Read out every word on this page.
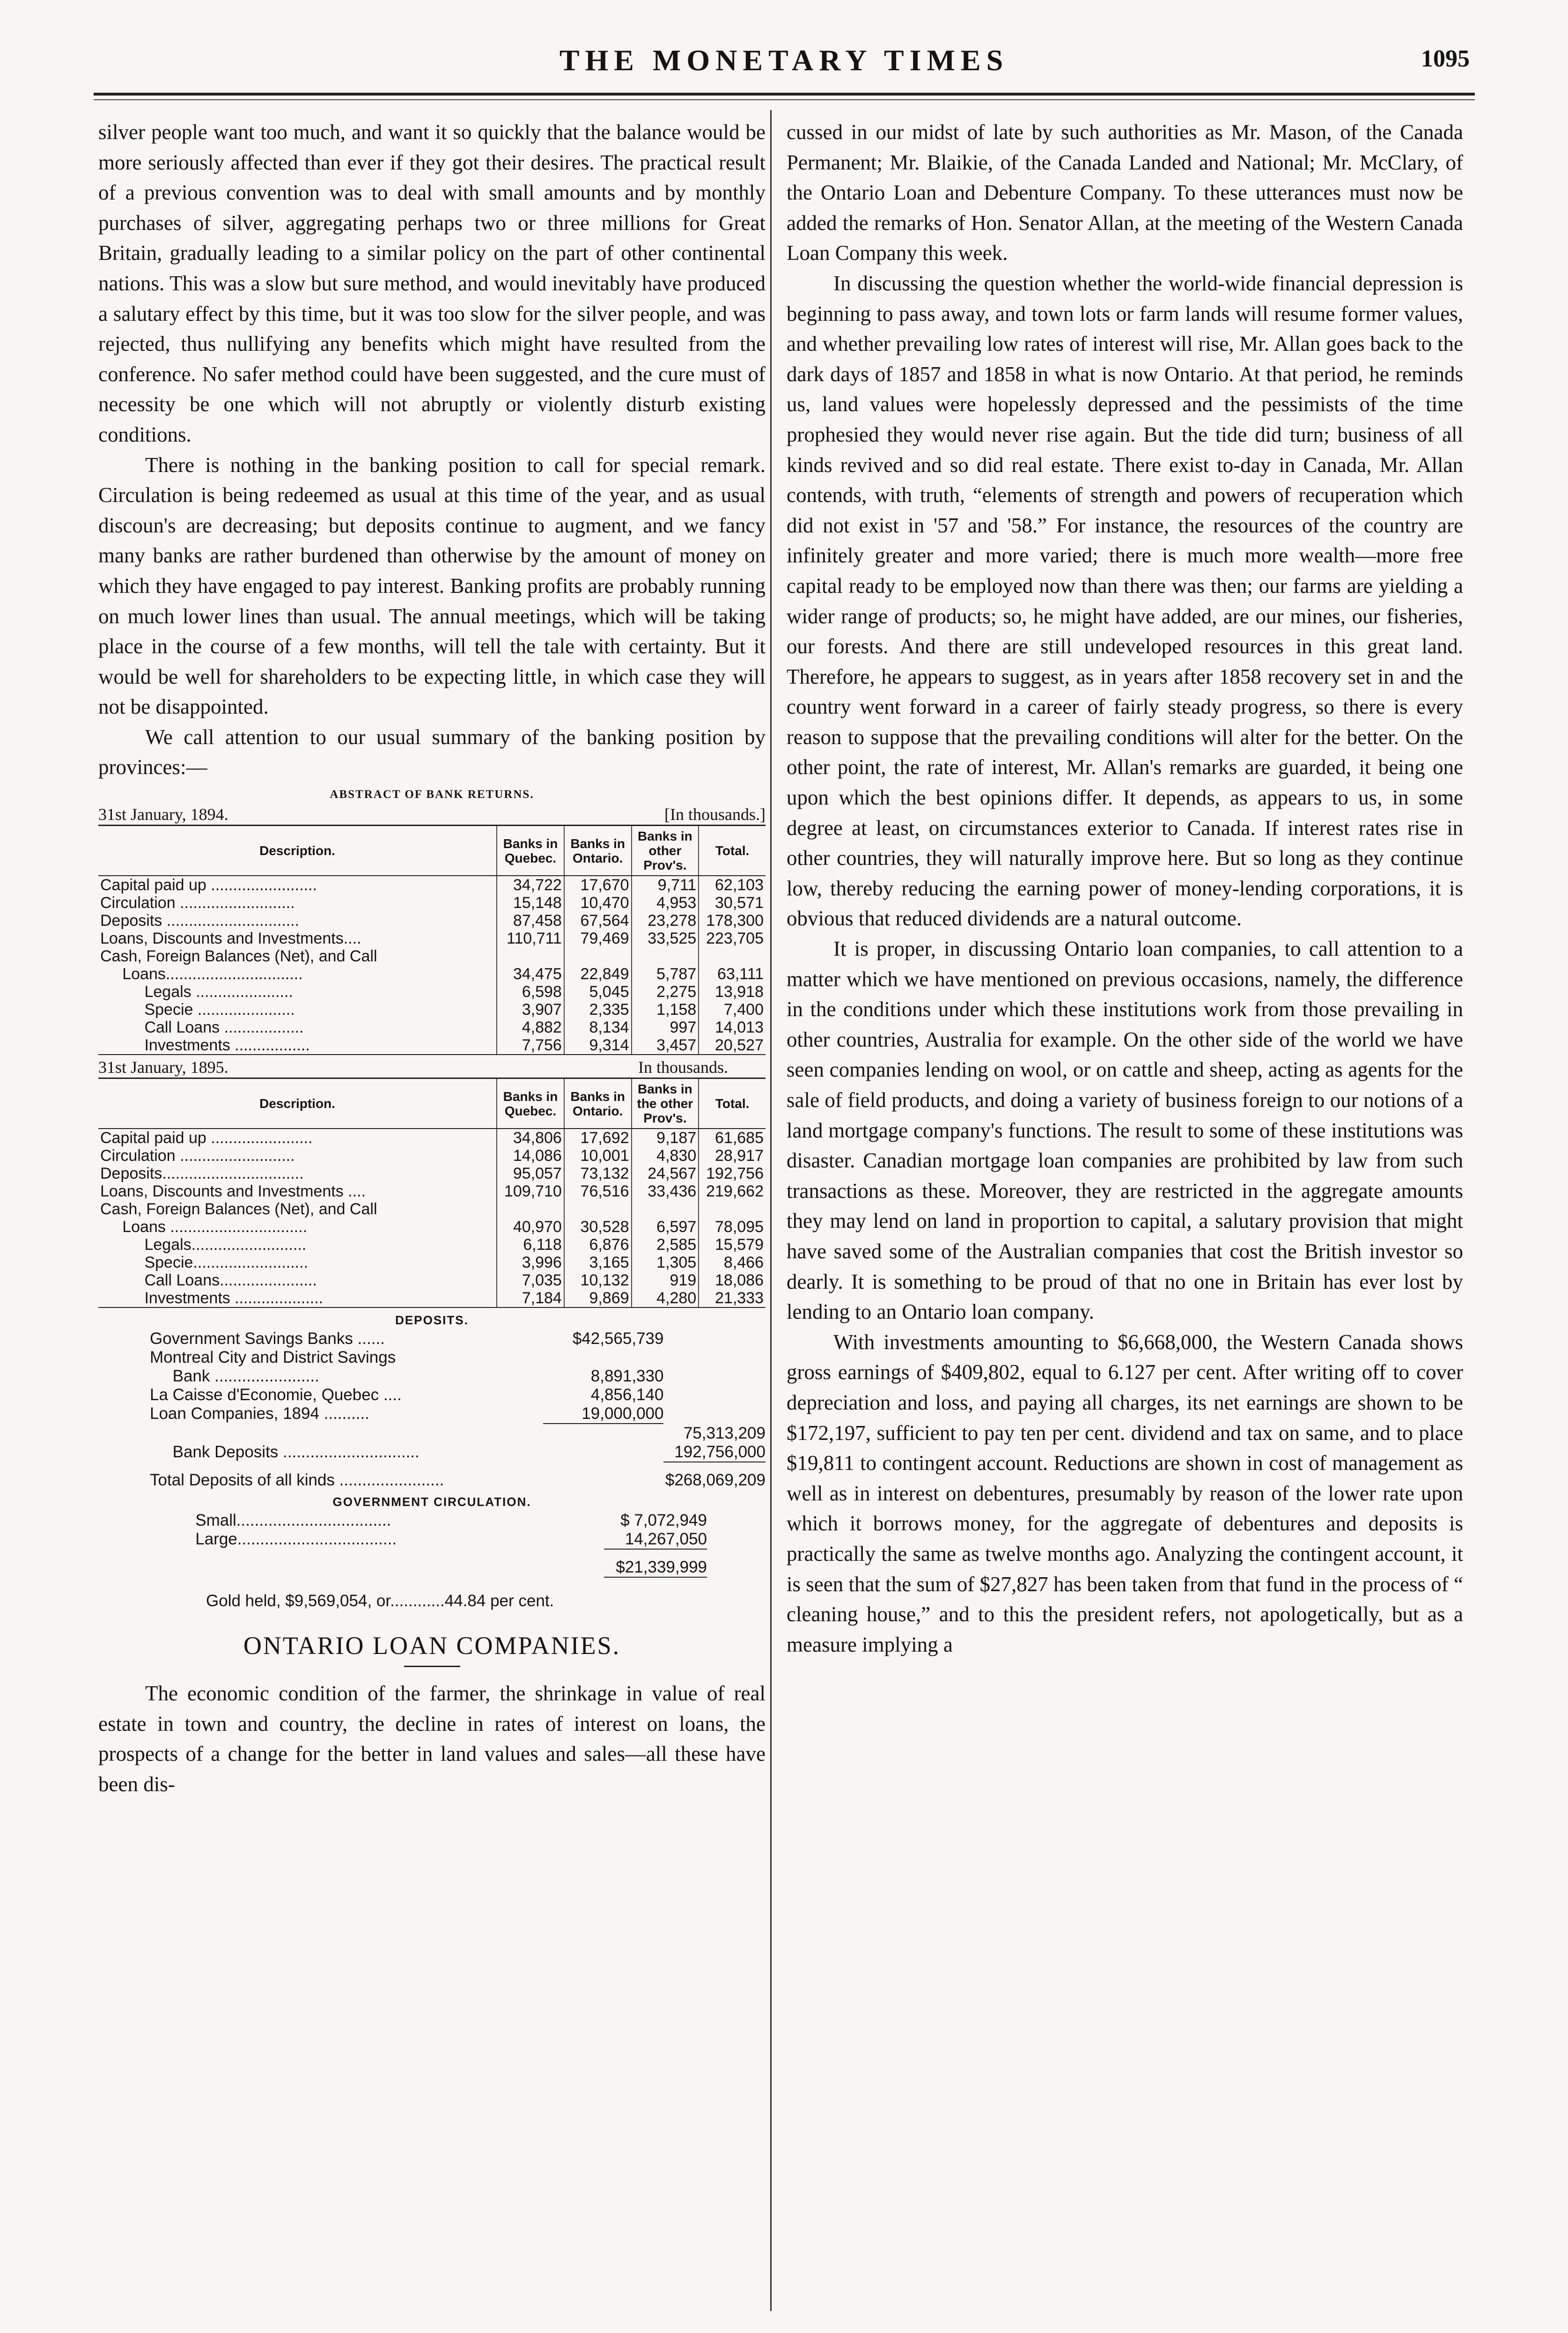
THE MONETARY TIMES	1095

silver people want too much, and want it so quickly that the balance would be more seriously affected than ever if they got their desires. The practical result of a previous convention was to deal with small amounts and by monthly purchases of silver, aggregating perhaps two or three millions for Great Britain, gradually leading to a similar policy on the part of other continental nations. This was a slow but sure method, and would inevitably have produced a salutary effect by this time, but it was too slow for the silver people, and was rejected, thus nullifying any benefits which might have resulted from the conference. No safer method could have been suggested, and the cure must of necessity be one which will not abruptly or violently disturb existing conditions.

There is nothing in the banking position to call for special remark. Circulation is being redeemed as usual at this time of the year, and as usual discoun's are decreasing; but deposits continue to augment, and we fancy many banks are rather burdened than otherwise by the amount of money on which they have engaged to pay interest. Banking profits are probably running on much lower lines than usual. The annual meetings, which will be taking place in the course of a few months, will tell the tale with certainty. But it would be well for shareholders to be expecting little, in which case they will not be disappointed.

We call attention to our usual summary of the banking position by provinces:—

ABSTRACT OF BANK RETURNS.
31st January, 1894.	[In thousands.]
Description.	Banks in Quebec.	Banks in Ontario.	Banks in other Prov's.	Total.
Capital paid up ........................	34,722	17,670	9,711	62,103
Circulation ..........................	15,148	10,470	4,953	30,571
Deposits ..............................	87,458	67,564	23,278	178,300
Loans, Discounts and Investments....	110,711	79,469	33,525	223,705
Cash, Foreign Balances (Net), and Call				
Loans...............................	34,475	22,849	5,787	63,111
Legals ......................	6,598	5,045	2,275	13,918
Specie ......................	3,907	2,335	1,158	7,400
Call Loans ..................	4,882	8,134	997	14,013
Investments .................	7,756	9,314	3,457	20,527
31st January, 1895.	In thousands.
Description.	Banks in Quebec.	Banks in Ontario.	Banks in the other Prov's.	Total.
Capital paid up .......................	34,806	17,692	9,187	61,685
Circulation ..........................	14,086	10,001	4,830	28,917
Deposits................................	95,057	73,132	24,567	192,756
Loans, Discounts and Investments ....	109,710	76,516	33,436	219,662
Cash, Foreign Balances (Net), and Call				
Loans ...............................	40,970	30,528	6,597	78,095
Legals..........................	6,118	6,876	2,585	15,579
Specie..........................	3,996	3,165	1,305	8,466
Call Loans......................	7,035	10,132	919	18,086
Investments ....................	7,184	9,869	4,280	21,333
DEPOSITS.
Government Savings Banks ......	$42,565,739
Montreal City and District Savings
Bank .......................	8,891,330
La Caisse d'Economie, Quebec ....	4,856,140
Loan Companies, 1894 ..........	19,000,000
75,313,209
Bank Deposits ..............................	192,756,000
Total Deposits of all kinds .......................	$268,069,209
GOVERNMENT CIRCULATION.
Small..................................	$ 7,072,949
Large...................................	14,267,050
$21,339,999
Gold held, $9,569,054, or............44.84 per cent.
ONTARIO LOAN COMPANIES.

The economic condition of the farmer, the shrinkage in value of real estate in town and country, the decline in rates of interest on loans, the prospects of a change for the better in land values and sales—all these have been dis-

cussed in our midst of late by such authorities as Mr. Mason, of the Canada Permanent; Mr. Blaikie, of the Canada Landed and National; Mr. McClary, of the Ontario Loan and Debenture Company. To these utterances must now be added the remarks of Hon. Senator Allan, at the meeting of the Western Canada Loan Company this week.

In discussing the question whether the world-wide financial depression is beginning to pass away, and town lots or farm lands will resume former values, and whether prevailing low rates of interest will rise, Mr. Allan goes back to the dark days of 1857 and 1858 in what is now Ontario. At that period, he reminds us, land values were hopelessly depressed and the pessimists of the time prophesied they would never rise again. But the tide did turn; business of all kinds revived and so did real estate. There exist to-day in Canada, Mr. Allan contends, with truth, “elements of strength and powers of recuperation which did not exist in '57 and '58.” For instance, the resources of the country are infinitely greater and more varied; there is much more wealth—more free capital ready to be employed now than there was then; our farms are yielding a wider range of products; so, he might have added, are our mines, our fisheries, our forests. And there are still undeveloped resources in this great land. Therefore, he appears to suggest, as in years after 1858 recovery set in and the country went forward in a career of fairly steady progress, so there is every reason to suppose that the prevailing conditions will alter for the better. On the other point, the rate of interest, Mr. Allan's remarks are guarded, it being one upon which the best opinions differ. It depends, as appears to us, in some degree at least, on circumstances exterior to Canada. If interest rates rise in other countries, they will naturally improve here. But so long as they continue low, thereby reducing the earning power of money-lending corporations, it is obvious that reduced dividends are a natural outcome.

It is proper, in discussing Ontario loan companies, to call attention to a matter which we have mentioned on previous occasions, namely, the difference in the conditions under which these institutions work from those prevailing in other countries, Australia for example. On the other side of the world we have seen companies lending on wool, or on cattle and sheep, acting as agents for the sale of field products, and doing a variety of business foreign to our notions of a land mortgage company's functions. The result to some of these institutions was disaster. Canadian mortgage loan companies are prohibited by law from such transactions as these. Moreover, they are restricted in the aggregate amounts they may lend on land in proportion to capital, a salutary provision that might have saved some of the Australian companies that cost the British investor so dearly. It is something to be proud of that no one in Britain has ever lost by lending to an Ontario loan company.

With investments amounting to $6,668,000, the Western Canada shows gross earnings of $409,802, equal to 6.127 per cent. After writing off to cover depreciation and loss, and paying all charges, its net earnings are shown to be $172,197, sufficient to pay ten per cent. dividend and tax on same, and to place $19,811 to contingent account. Reductions are shown in cost of management as well as in interest on debentures, presumably by reason of the lower rate upon which it borrows money, for the aggregate of debentures and deposits is practically the same as twelve months ago. Analyzing the contingent account, it is seen that the sum of $27,827 has been taken from that fund in the process of “ cleaning house,” and to this the president refers, not apologetically, but as a measure implying a
